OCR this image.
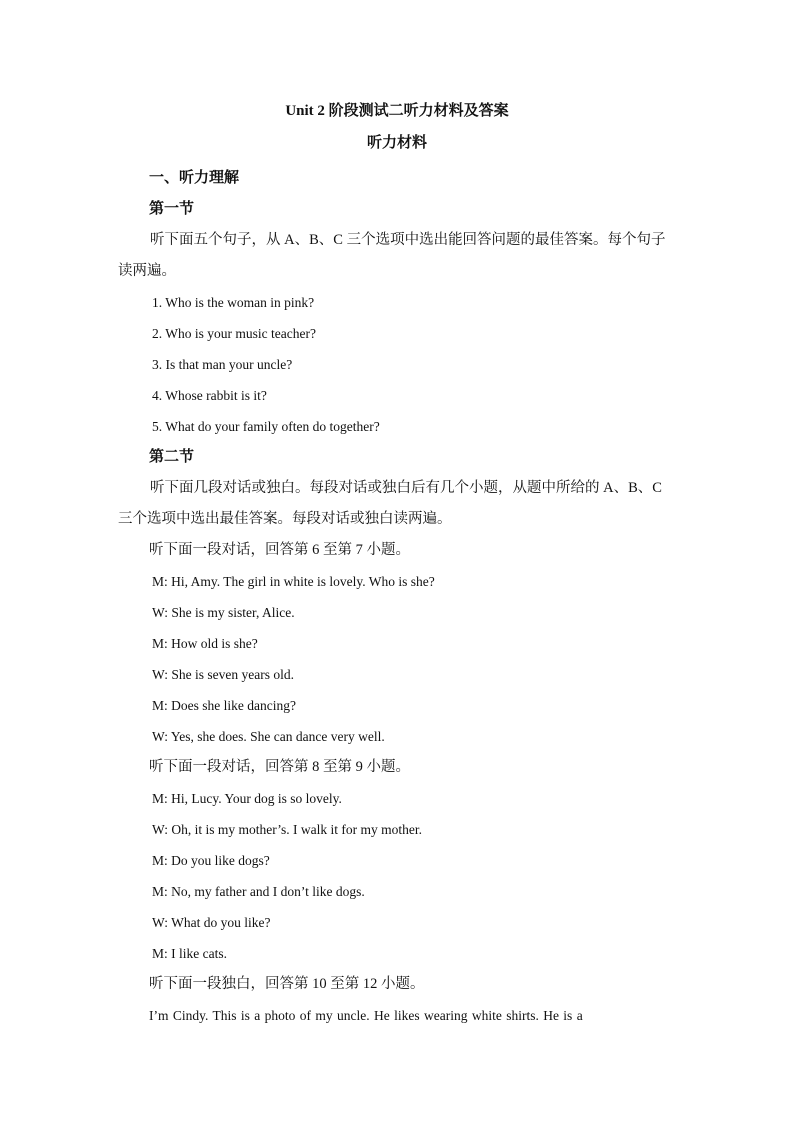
Unit 2 阶段测试二听力材料及答案
听力材料
一、听力理解
第一节
听下面五个句子，从 A、B、C 三个选项中选出能回答问题的最佳答案。每个句子读两遍。
1. Who is the woman in pink?
2. Who is your music teacher?
3. Is that man your uncle?
4. Whose rabbit is it?
5. What do your family often do together?
第二节
听下面几段对话或独白。每段对话或独白后有几个小题，从题中所给的 A、B、C 三个选项中选出最佳答案。每段对话或独白读两遍。
听下面一段对话，回答第 6 至第 7 小题。
M: Hi, Amy. The girl in white is lovely. Who is she?
W: She is my sister, Alice.
M: How old is she?
W: She is seven years old.
M: Does she like dancing?
W: Yes, she does. She can dance very well.
听下面一段对话，回答第 8 至第 9 小题。
M: Hi, Lucy. Your dog is so lovely.
W: Oh, it is my mother’s. I walk it for my mother.
M: Do you like dogs?
M: No, my father and I don’t like dogs.
W: What do you like?
M: I like cats.
听下面一段独白，回答第 10 至第 12 小题。
I’m Cindy. This is a photo of my uncle. He likes wearing white shirts. He is a
